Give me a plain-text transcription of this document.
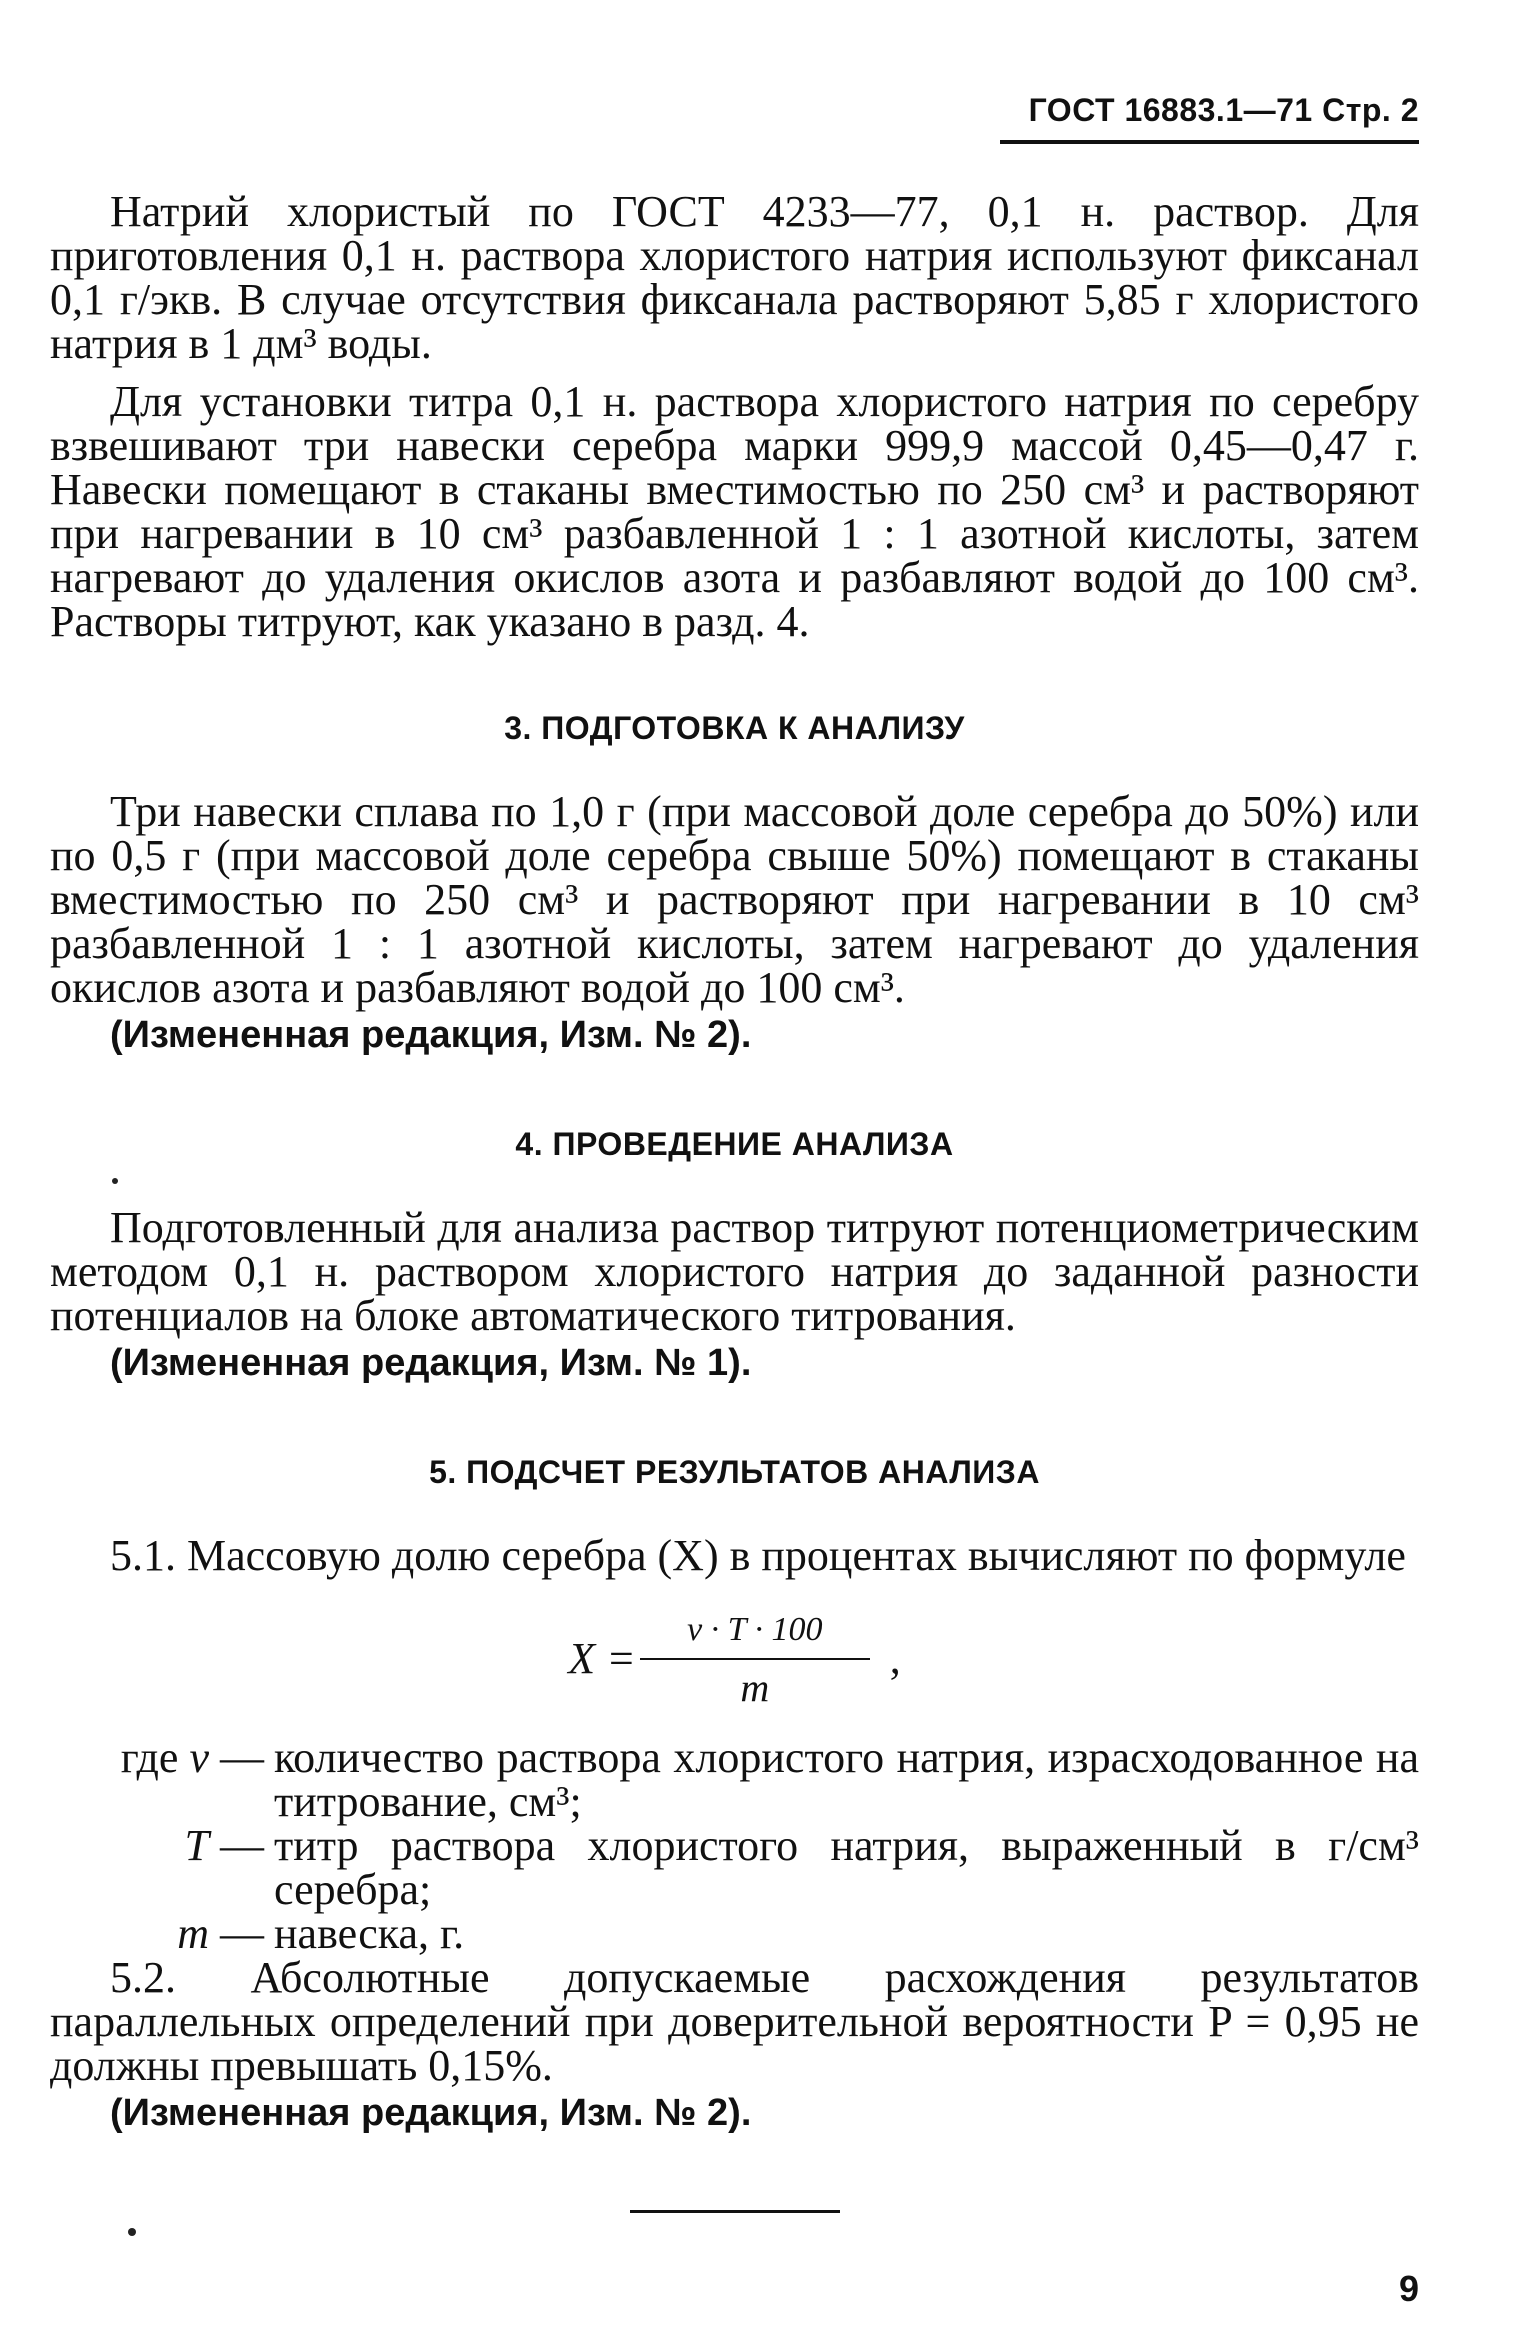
ГОСТ 16883.1—71 Стр. 2

Натрий хлористый по ГОСТ 4233—77, 0,1 н. раствор. Для приготовления 0,1 н. раствора хлористого натрия используют фиксанал 0,1 г/экв. В случае отсутствия фиксанала растворяют 5,85 г хлористого натрия в 1 дм³ воды.

Для установки титра 0,1 н. раствора хлористого натрия по серебру взвешивают три навески серебра марки 999,9 массой 0,45—0,47 г. Навески помещают в стаканы вместимостью по 250 см³ и растворяют при нагревании в 10 см³ разбавленной 1 : 1 азотной кислоты, затем нагревают до удаления окислов азота и разбавляют водой до 100 см³. Растворы титруют, как указано в разд. 4.

3. ПОДГОТОВКА К АНАЛИЗУ

Три навески сплава по 1,0 г (при массовой доле серебра до 50%) или по 0,5 г (при массовой доле серебра свыше 50%) помещают в стаканы вместимостью по 250 см³ и растворяют при нагревании в 10 см³ разбавленной 1 : 1 азотной кислоты, затем нагревают до удаления окислов азота и разбавляют водой до 100 см³.

(Измененная редакция, Изм. № 2).

4. ПРОВЕДЕНИЕ АНАЛИЗА

Подготовленный для анализа раствор титруют потенциометрическим методом 0,1 н. раствором хлористого натрия до заданной разности потенциалов на блоке автоматического титрования.

(Измененная редакция, Изм. № 1).

5. ПОДСЧЕТ РЕЗУЛЬТАТОВ АНАЛИЗА

5.1. Массовую долю серебра (X) в процентах вычисляют по формуле

$X = \frac{v \cdot T \cdot 100}{m}$ ,
где v — количество раствора хлористого натрия, израсходованное на титрование, см³;
T — титр раствора хлористого натрия, выраженный в г/см³ серебра;
m — навеска, г.

5.2. Абсолютные допускаемые расхождения результатов параллельных определений при доверительной вероятности P = 0,95 не должны превышать 0,15%.

(Измененная редакция, Изм. № 2).

9
